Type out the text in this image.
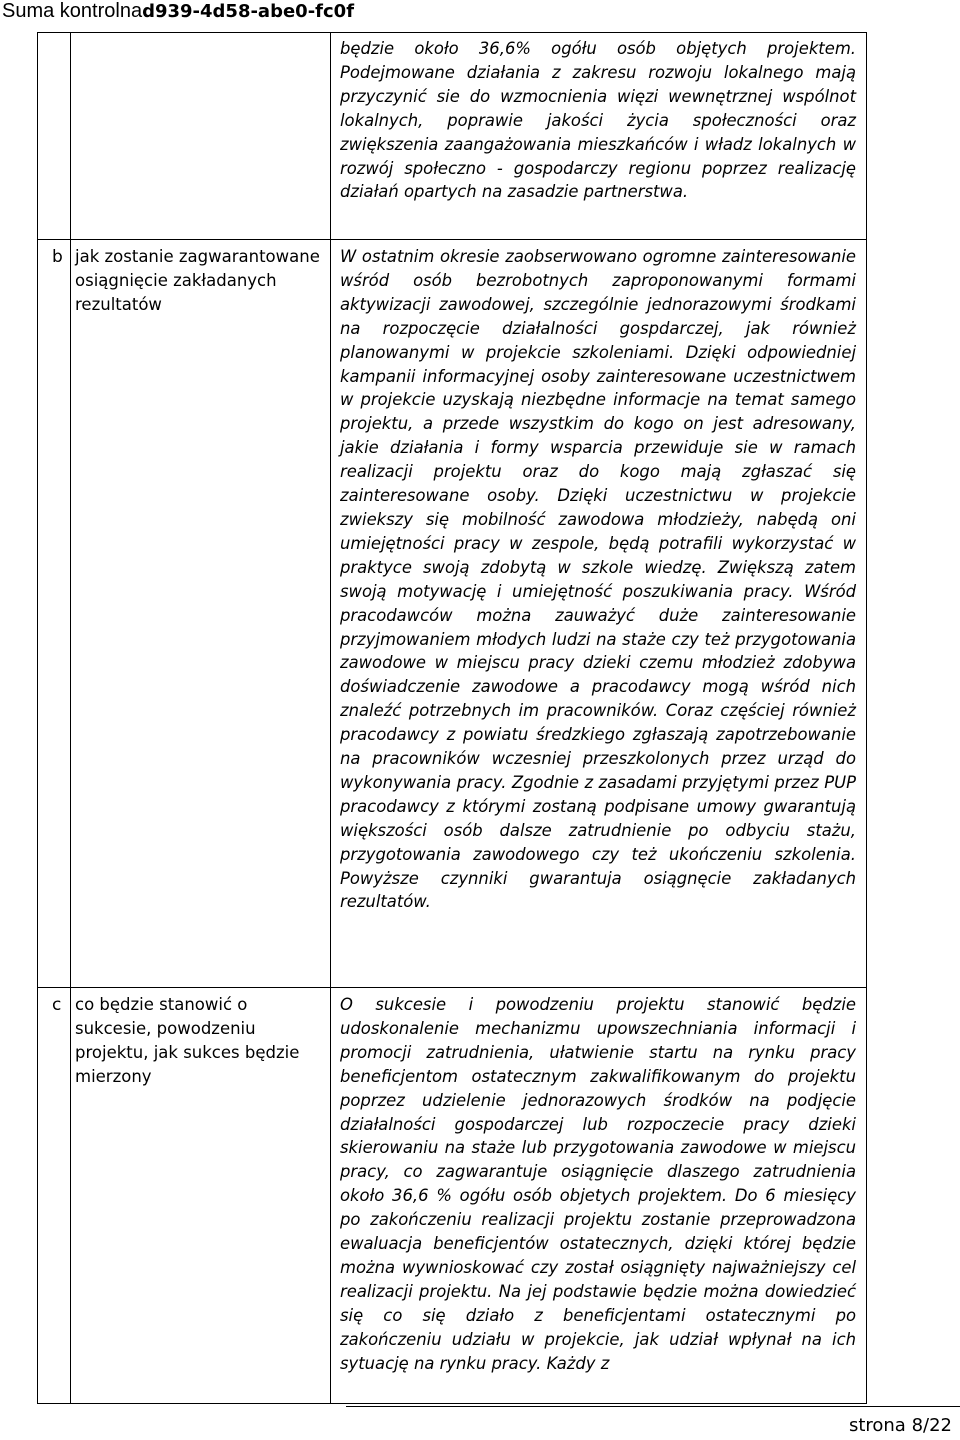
Suma kontrolnad939-4d58-abe0-fc0f

		będzie około 36,6% ogółu osób objętych projektem. Podejmowane działania z zakresu rozwoju lokalnego mają przyczynić sie do wzmocnienia więzi wewnętrznej wspólnot lokalnych, poprawie jakości życia społeczności oraz zwiększenia zaangażowania mieszkańców i władz lokalnych w rozwój społeczno - gospodarczy regionu poprzez realizację działań opartych na zasadzie partnerstwa.

b	jak zostanie zagwarantowane osiągnięcie zakładanych rezultatów	W ostatnim okresie zaobserwowano ogromne zainteresowanie wśród osób bezrobotnych zaproponowanymi formami aktywizacji zawodowej, szczególnie jednorazowymi środkami na rozpoczęcie działalności gospdarczej, jak również planowanymi w projekcie szkoleniami. Dzięki odpowiedniej kampanii informacyjnej osoby zainteresowane uczestnictwem w projekcie uzyskają niezbędne informacje na temat samego projektu, a przede wszystkim do kogo on jest adresowany, jakie działania i formy wsparcia przewiduje sie w ramach realizacji projektu oraz do kogo mają zgłaszać się zainteresowane osoby. Dzięki uczestnictwu w projekcie zwiekszy się mobilność zawodowa młodzieży, nabędą oni umiejętności pracy w zespole, będą potrafili wykorzystać w praktyce swoją zdobytą w szkole wiedzę. Zwiększą zatem swoją motywację i umiejętność poszukiwania pracy. Wśród pracodawców można zauważyć duże zainteresowanie przyjmowaniem młodych ludzi na staże czy też przygotowania zawodowe w miejscu pracy dzieki czemu młodzież zdobywa doświadczenie zawodowe a pracodawcy mogą wśród nich znaleźć potrzebnych im pracowników. Coraz częściej również pracodawcy z powiatu średzkiego zgłaszają zapotrzebowanie na pracowników wczesniej przeszkolonych przez urząd do wykonywania pracy. Zgodnie z zasadami przyjętymi przez PUP pracodawcy z którymi zostaną podpisane umowy gwarantują większości osób dalsze zatrudnienie po odbyciu stażu, przygotowania zawodowego czy też ukończeniu szkolenia. Powyższe czynniki gwarantuja osiągnęcie zakładanych rezultatów.

c	co będzie stanowić o sukcesie, powodzeniu projektu, jak sukces będzie mierzony	O sukcesie i powodzeniu projektu stanowić będzie udoskonalenie mechanizmu upowszechniania informacji i promocji zatrudnienia, ułatwienie startu na rynku pracy beneficjentom ostatecznym zakwalifikowanym do projektu poprzez udzielenie jednorazowych środków na podjęcie działalności gospodarczej lub rozpoczecie pracy dzieki skierowaniu na staże lub przygotowania zawodowe w miejscu pracy, co zagwarantuje osiągnięcie dlaszego zatrudnienia około 36,6 % ogółu osób objetych projektem. Do 6 miesięcy po zakończeniu realizacji projektu zostanie przeprowadzona ewaluacja beneficjentów ostatecznych, dzięki której będzie można wywnioskować czy został osiągnięty najważniejszy cel realizacji projektu. Na jej podstawie będzie można dowiedzieć się co się działo z beneficjentami ostatecznymi po zakończeniu udziału w projekcie, jak udział wpłynał na ich sytuację na rynku pracy. Każdy z
strona 8/22
